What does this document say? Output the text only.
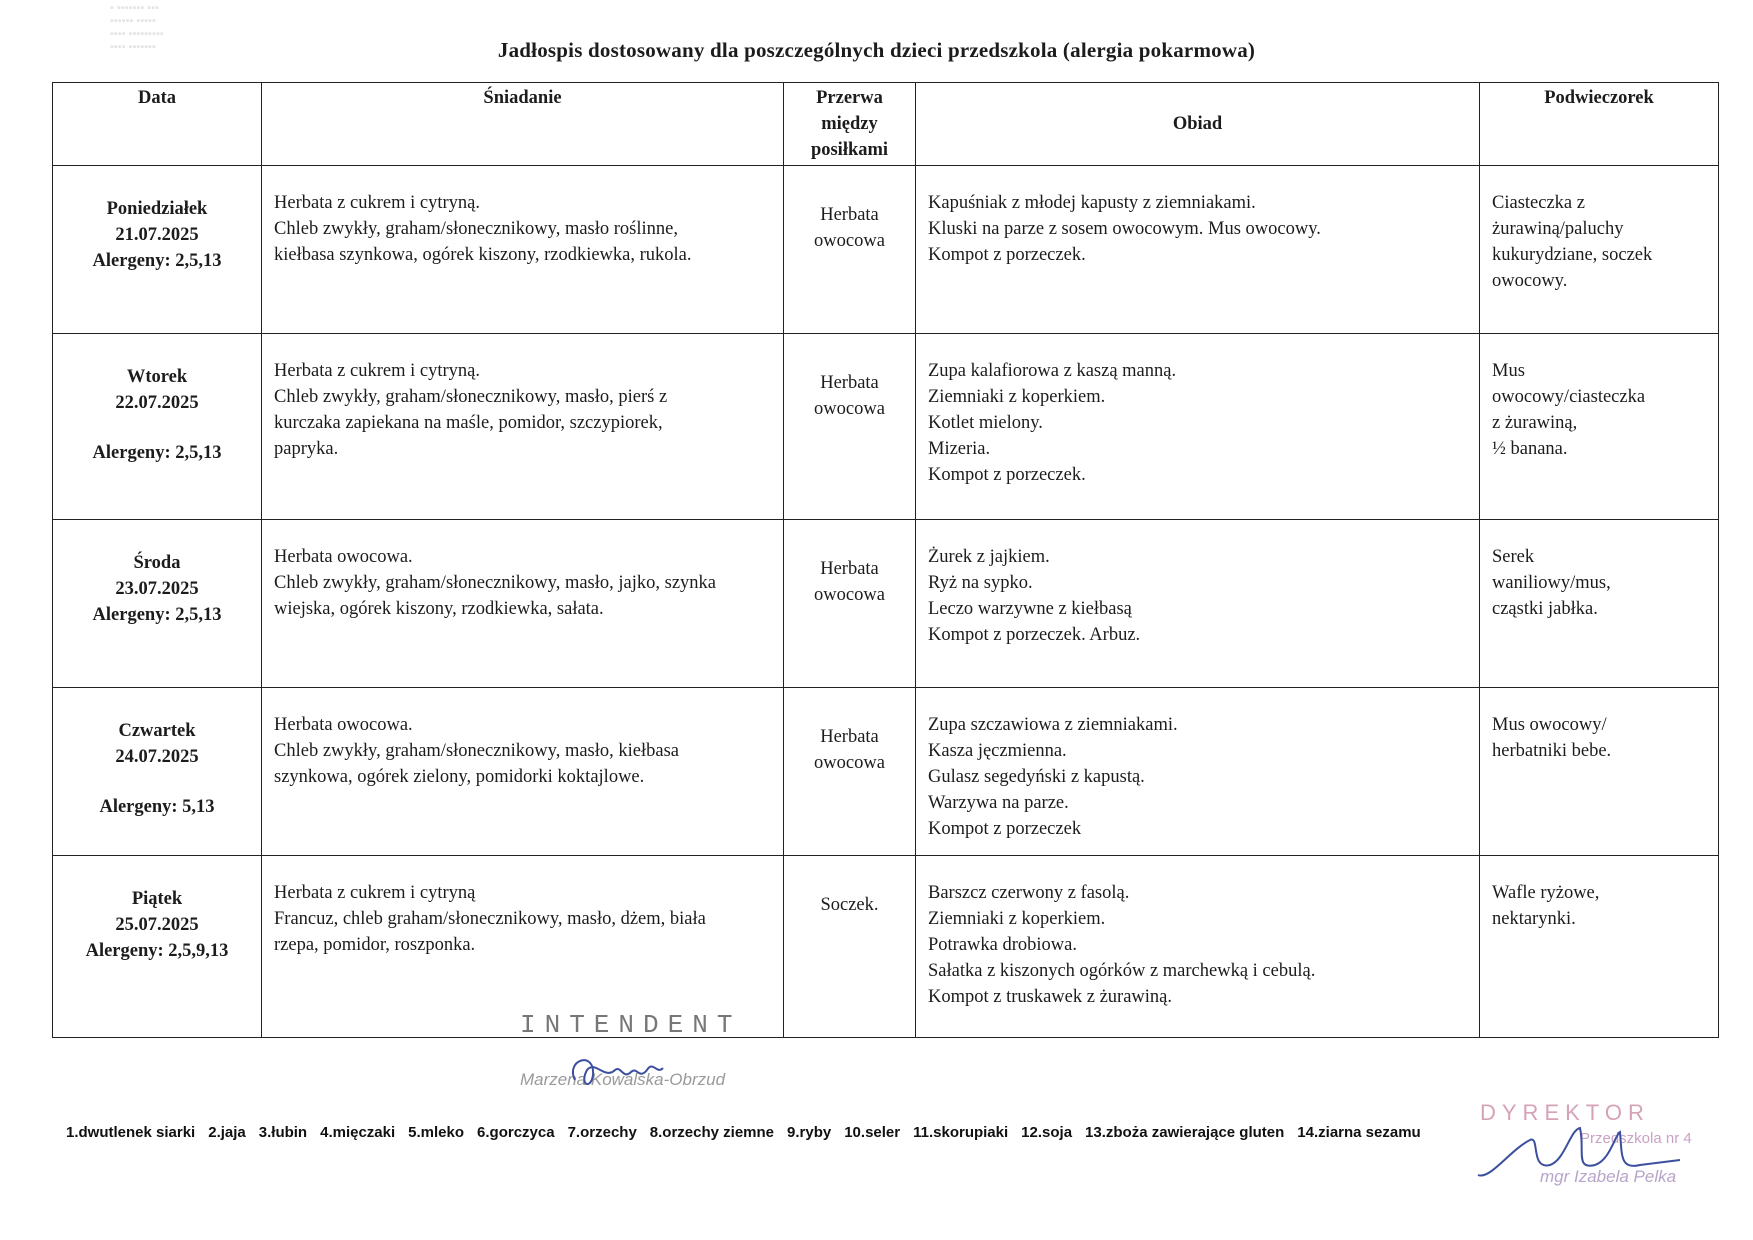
▪ ▪▪▪▪▪▪▪ ▪▪▪
▪▪▪▪▪▪ ▪▪▪▪▪
▪▪▪▪ ▪▪▪▪▪▪▪▪▪
▪▪▪▪ ▪▪▪▪▪▪▪	Jadłospis dostosowany dla poszczególnych dzieci przedszkola (alergia pokarmowa)
Data	Śniadanie	Przerwa
między
posiłkami	Obiad	Podwieczorek

Poniedziałek
21.07.2025
Alergeny: 2,5,13	Herbata z cukrem i cytryną.
Chleb zwykły, graham/słonecznikowy, masło roślinne,
kiełbasa szynkowa, ogórek kiszony, rzodkiewka, rukola.	Herbata
owocowa	Kapuśniak z młodej kapusty z ziemniakami.
Kluski na parze z sosem owocowym. Mus owocowy.
Kompot z porzeczek.	Ciasteczka z
żurawiną/paluchy
kukurydziane, soczek
owocowy.

Wtorek
22.07.2025
Alergeny: 2,5,13	Herbata z cukrem i cytryną.
Chleb zwykły, graham/słonecznikowy, masło, pierś z
kurczaka zapiekana na maśle, pomidor, szczypiorek,
papryka.	Herbata
owocowa	Zupa kalafiorowa z kaszą manną.
Ziemniaki z koperkiem.
Kotlet mielony.
Mizeria.
Kompot z porzeczek.	Mus
owocowy/ciasteczka
z żurawiną,
½ banana.

Środa
23.07.2025
Alergeny: 2,5,13	Herbata owocowa.
Chleb zwykły, graham/słonecznikowy, masło, jajko, szynka
wiejska, ogórek kiszony, rzodkiewka, sałata.	Herbata
owocowa	Żurek z jajkiem.
Ryż na sypko.
Leczo warzywne z kiełbasą
Kompot z porzeczek. Arbuz.	Serek
waniliowy/mus,
cząstki jabłka.

Czwartek
24.07.2025
Alergeny: 5,13	Herbata owocowa.
Chleb zwykły, graham/słonecznikowy, masło, kiełbasa
szynkowa, ogórek zielony, pomidorki koktajlowe.	Herbata
owocowa	Zupa szczawiowa z ziemniakami.
Kasza jęczmienna.
Gulasz segedyński z kapustą.
Warzywa na parze.
Kompot z porzeczek	Mus owocowy/
herbatniki bebe.

Piątek
25.07.2025
Alergeny: 2,5,9,13	Herbata z cukrem i cytryną
Francuz, chleb graham/słonecznikowy, masło, dżem, biała
rzepa, pomidor, roszponka.	Soczek.	Barszcz czerwony z fasolą.
Ziemniaki z koperkiem.
Potrawka drobiowa.
Sałatka z kiszonych ogórków z marchewką i cebulą.
Kompot z truskawek z żurawiną.	Wafle ryżowe,
nektarynki.
INTENDENT
Marzena Kowalska-Obrzud
DYREKTOR
Przedszkola nr 4
mgr Izabela Pelka
1.dwutlenek siarki 2.jaja 3.łubin 4.mięczaki 5.mleko 6.gorczyca 7.orzechy 8.orzechy ziemne 9.ryby 10.seler 11.skorupiaki 12.soja 13.zboża zawierające gluten 14.ziarna sezamu
